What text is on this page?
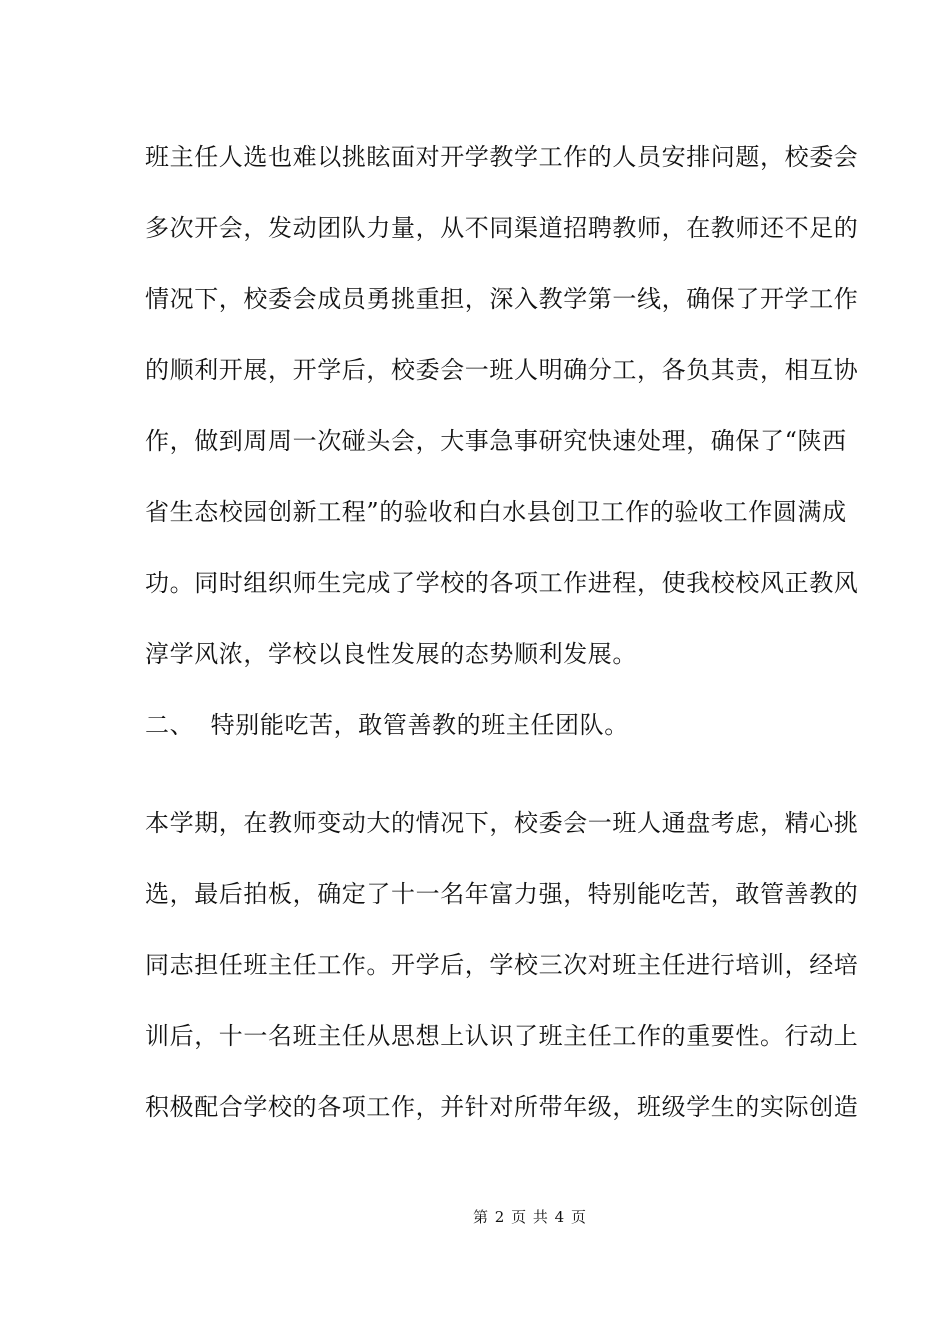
班主任人选也难以挑眩面对开学教学工作的人员安排问题，校委会
多次开会，发动团队力量，从不同渠道招聘教师，在教师还不足的
情况下，校委会成员勇挑重担，深入教学第一线，确保了开学工作
的顺利开展，开学后，校委会一班人明确分工，各负其责，相互协
作，做到周周一次碰头会，大事急事研究快速处理，确保了“陕西
省生态校园创新工程”的验收和白水县创卫工作的验收工作圆满成
功。同时组织师生完成了学校的各项工作进程，使我校校风正教风
淳学风浓，学校以良性发展的态势顺利发展。
二、  特别能吃苦，敢管善教的班主任团队。
本学期，在教师变动大的情况下，校委会一班人通盘考虑，精心挑
选，最后拍板，确定了十一名年富力强，特别能吃苦，敢管善教的
同志担任班主任工作。开学后，学校三次对班主任进行培训，经培
训后，十一名班主任从思想上认识了班主任工作的重要性。行动上
积极配合学校的各项工作，并针对所带年级，班级学生的实际创造
第 2 页 共 4 页
